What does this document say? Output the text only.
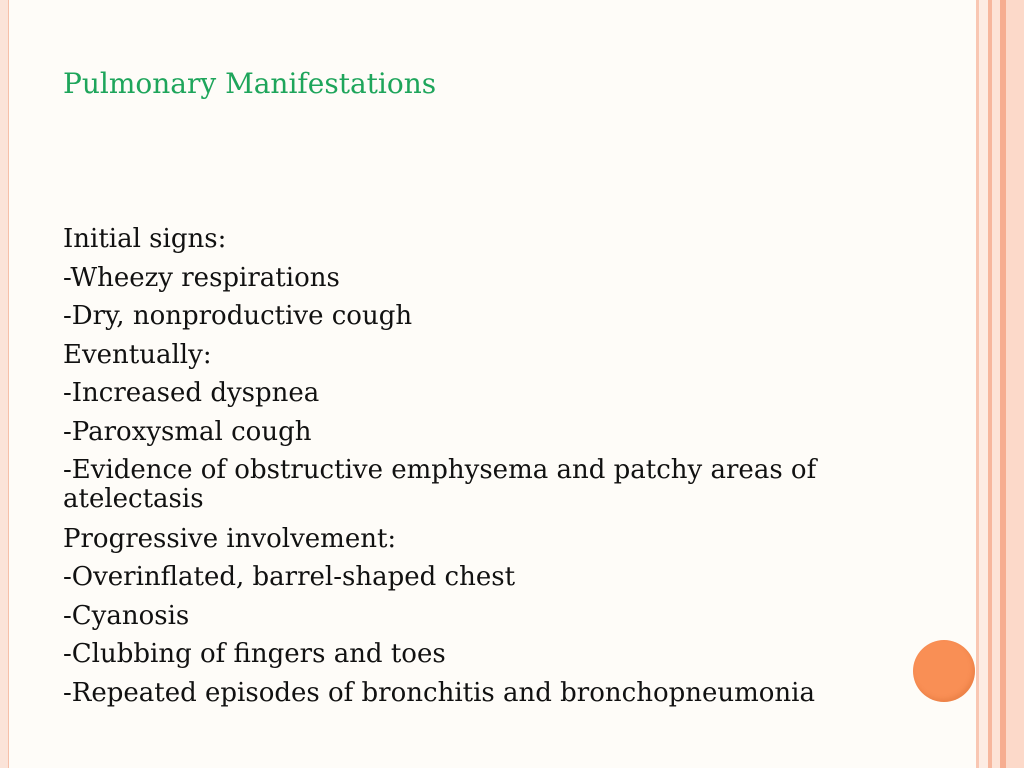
Pulmonary Manifestations
Initial signs:
-Wheezy respirations
-Dry, nonproductive cough
Eventually:
-Increased dyspnea
-Paroxysmal cough
-Evidence of obstructive emphysema and patchy areas of atelectasis
Progressive involvement:
-Overinflated, barrel-shaped chest
-Cyanosis
-Clubbing of fingers and toes
-Repeated episodes of bronchitis and bronchopneumonia
